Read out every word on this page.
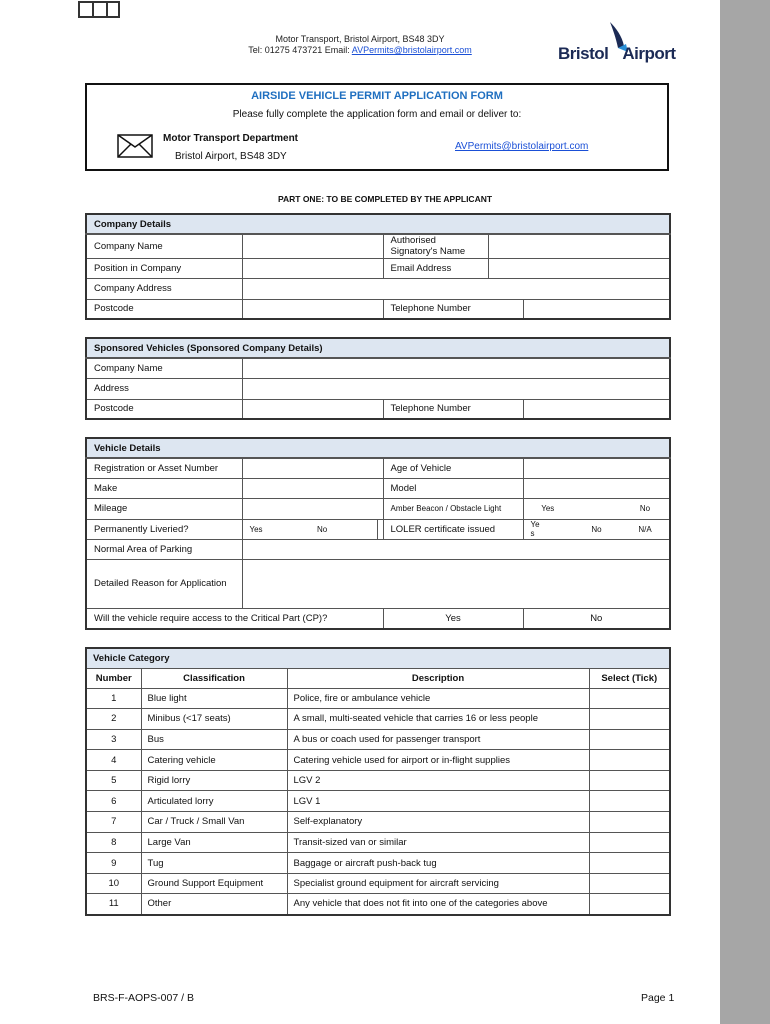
Motor Transport, Bristol Airport, BS48 3DY
Tel: 01275 473721 Email: AVPermits@bristolairport.com	Bristol Airport
AIRSIDE VEHICLE PERMIT APPLICATION FORM
Please fully complete the application form and email or deliver to:
Motor Transport Department
Bristol Airport, BS48 3DY
AVPermits@bristolairport.com
PART ONE: TO BE COMPLETED BY THE APPLICANT
Company Details				
Company Name		Authorised Signatory's Name		
Position in Company		Email Address		
Company Address				
Postcode		Telephone Number		
Sponsored Vehicles (Sponsored Company Details)			
Company Name			
Address			
Postcode		Telephone Number	
Vehicle Details							
Registration or Asset Number				Age of Vehicle			
Make				Model			
Mileage				Amber Beacon / Obstacle Light	Yes		No
Permanently Liveried?	Yes	No		LOLER certificate issued	Yes	No	N/A
Normal Area of Parking							
Detailed Reason for Application							
Will the vehicle require access to the Critical Part (CP)?				Yes	No		
Vehicle Category			
Number	Classification	Description	Select (Tick)
1	Blue light	Police, fire or ambulance vehicle	
2	Minibus (<17 seats)	A small, multi-seated vehicle that carries 16 or less people	
3	Bus	A bus or coach used for passenger transport	
4	Catering vehicle	Catering vehicle used for airport or in-flight supplies	
5	Rigid lorry	LGV 2	
6	Articulated lorry	LGV 1	
7	Car / Truck / Small Van	Self-explanatory	
8	Large Van	Transit-sized van or similar	
9	Tug	Baggage or aircraft push-back tug	
10	Ground Support Equipment	Specialist ground equipment for aircraft servicing	
11	Other	Any vehicle that does not fit into one of the categories above	
BRS-F-AOPS-007 / B	Page 1
